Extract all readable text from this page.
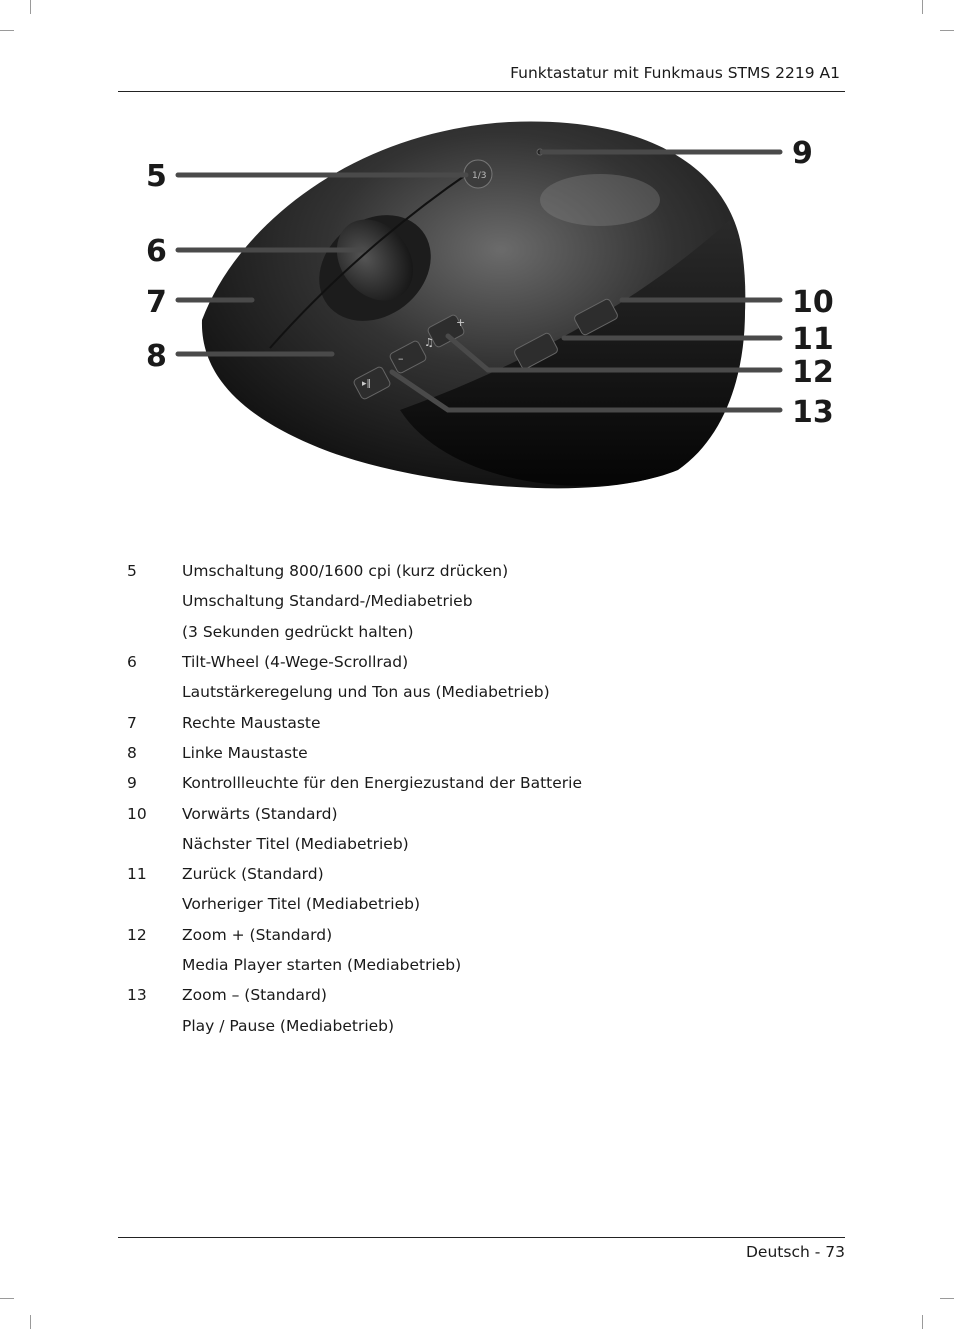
Funktastatur mit Funkmaus STMS 2219 A1
1/3
–
♫
+
▸‖
5
6
7
8
9
10
11
12
13
5	Umschaltung 800/1600 cpi (kurz drücken)
Umschaltung Standard-/Mediabetrieb
(3 Sekunden gedrückt halten)
6	Tilt-Wheel (4-Wege-Scrollrad)
Lautstärkeregelung und Ton aus (Mediabetrieb)
7	Rechte Maustaste
8	Linke Maustaste
9	Kontrollleuchte für den Energiezustand der Batterie
10	Vorwärts (Standard)
Nächster Titel (Mediabetrieb)
11	Zurück (Standard)
Vorheriger Titel (Mediabetrieb)
12	Zoom + (Standard)
Media Player starten (Mediabetrieb)
13	Zoom – (Standard)
Play / Pause (Mediabetrieb)
Deutsch - 73
